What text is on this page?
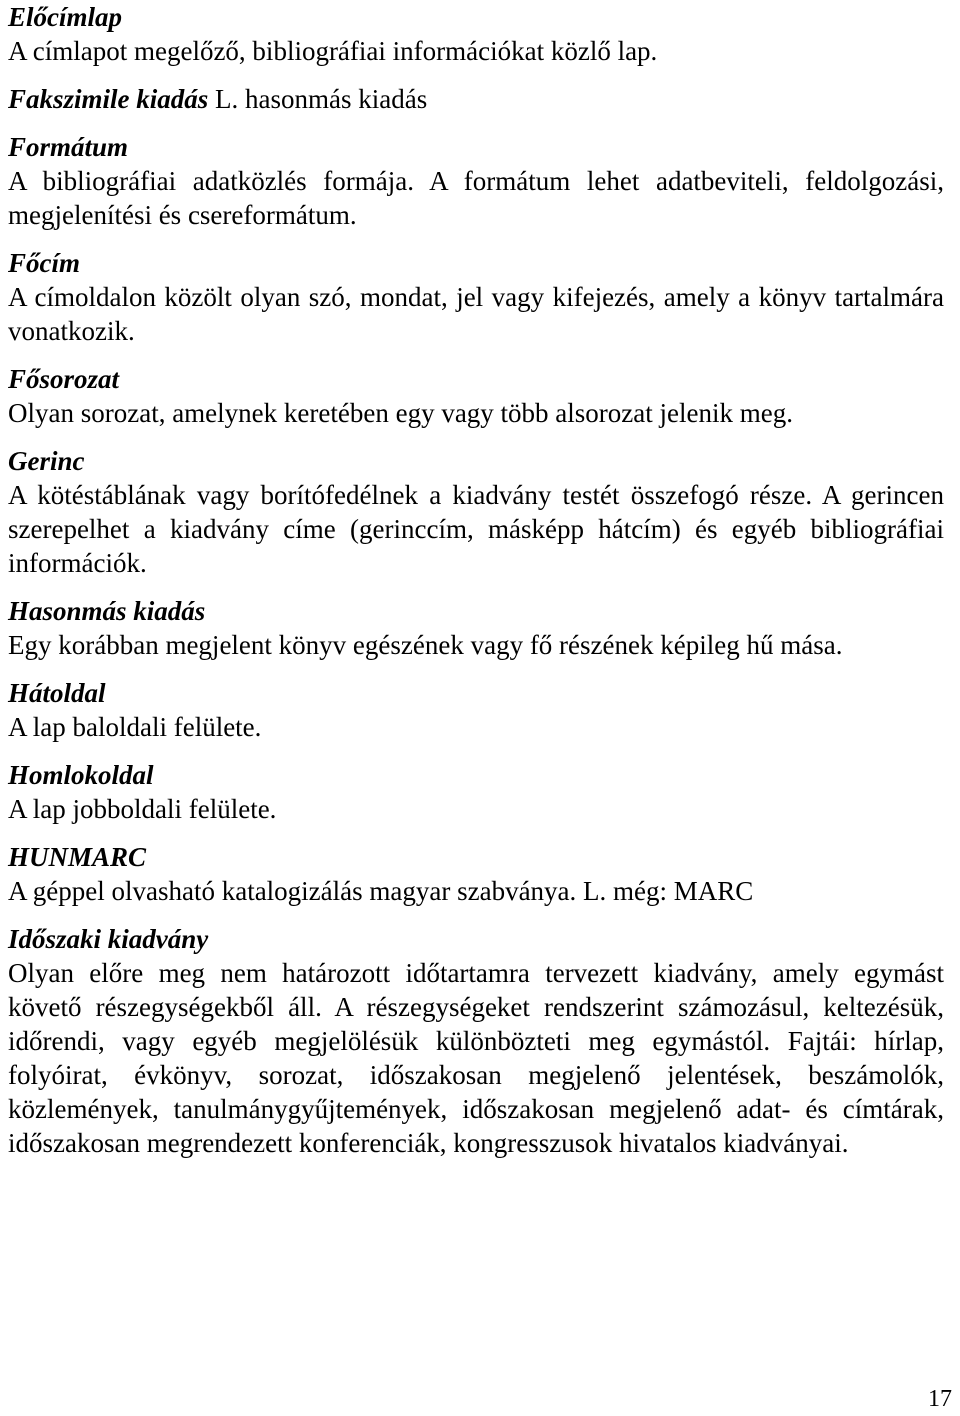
Előcímlap

A címlapot megelőző, bibliográfiai információkat közlő lap.

Fakszimile kiadás L. hasonmás kiadás

Formátum

A bibliográfiai adatközlés formája. A formátum lehet adatbeviteli, feldolgozási, megjelenítési és csereformátum.

Főcím

A címoldalon közölt olyan szó, mondat, jel vagy kifejezés, amely a könyv tartalmára vonatkozik.

Fősorozat

Olyan sorozat, amelynek keretében egy vagy több alsorozat jelenik meg.

Gerinc

A kötéstáblának vagy borítófedélnek a kiadvány testét összefogó része. A gerincen szerepelhet a kiadvány címe (gerinccím, másképp hátcím) és egyéb bibliográfiai információk.

Hasonmás kiadás

Egy korábban megjelent könyv egészének vagy fő részének képileg hű mása.

Hátoldal

A lap baloldali felülete.

Homlokoldal

A lap jobboldali felülete.

HUNMARC

A géppel olvasható katalogizálás magyar szabványa. L. még: MARC

Időszaki kiadvány

Olyan előre meg nem határozott időtartamra tervezett kiadvány, amely egymást követő részegységekből áll. A részegységeket rendszerint számozásul, keltezésük, időrendi, vagy egyéb megjelölésük különbözteti meg egymástól. Fajtái: hírlap, folyóirat, évkönyv, sorozat, időszakosan megjelenő jelentések, beszámolók, közlemények, tanulmánygyűjtemények, időszakosan megjelenő adat- és címtárak, időszakosan megrendezett konferenciák, kongresszusok hivatalos kiadványai.

17
